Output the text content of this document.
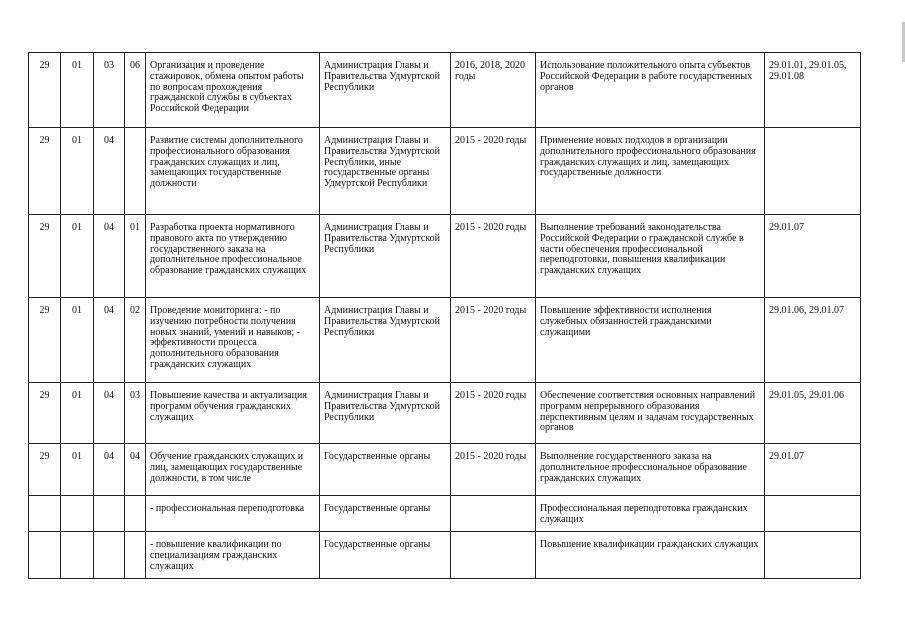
29	01	03	06	Организация и проведение стажировок, обмена опытом работы по вопросам прохождения гражданской службы в субъектах Российской Федерации	Администрация Главы и Правительства Удмуртской Республики	2016, 2018, 2020 годы	Использование положительного опыта субъектов Российской Федерации в работе государственных органов	29.01.01, 29.01.05, 29.01.08
29	01	04		Развитие системы дополнительного профессионального образования гражданских служащих и лиц, замещающих государственные должности	Администрация Главы и Правительства Удмуртской Республики, иные государственные органы Удмуртской Республики	2015 - 2020 годы	Применение новых подходов в организации дополнительного профессионального образования гражданских служащих и лиц, замещающих государственные должности	
29	01	04	01	Разработка проекта нормативного правового акта по утверждению государственного заказа на дополнительное профессиональное образование гражданских служащих	Администрация Главы и Правительства Удмуртской Республики	2015 - 2020 годы	Выполнение требований законодательства Российской Федерации о гражданской службе в части обеспечения профессиональной переподготовки, повышения квалификации гражданских служащих	29.01.07
29	01	04	02	Проведение мониторинга: - по изучению потребности получения новых знаний, умений и навыков; - эффективности процесса дополнительного образования гражданских служащих	Администрация Главы и Правительства Удмуртской Республики	2015 - 2020 годы	Повышение эффективности исполнения служебных обязанностей гражданскими служащими	29.01.06, 29.01.07
29	01	04	03	Повышение качества и актуализация программ обучения гражданских служащих	Администрация Главы и Правительства Удмуртской Республики	2015 - 2020 годы	Обеспечение соответствия основных направлений программ непрерывного образования перспективным целям и задачам государственных органов	29.01.05, 29.01.06
29	01	04	04	Обучение гражданских служащих и лиц, замещающих государственные должности, в том числе	Государственные органы	2015 - 2020 годы	Выполнение государственного заказа на дополнительное профессиональное образование гражданских служащих	29.01.07
				- профессиональная переподготовка	Государственные органы		Профессиональная переподготовка гражданских служащих	
				- повышение квалификации по специализациям гражданских служащих	Государственные органы		Повышение квалификации гражданских служащих	
